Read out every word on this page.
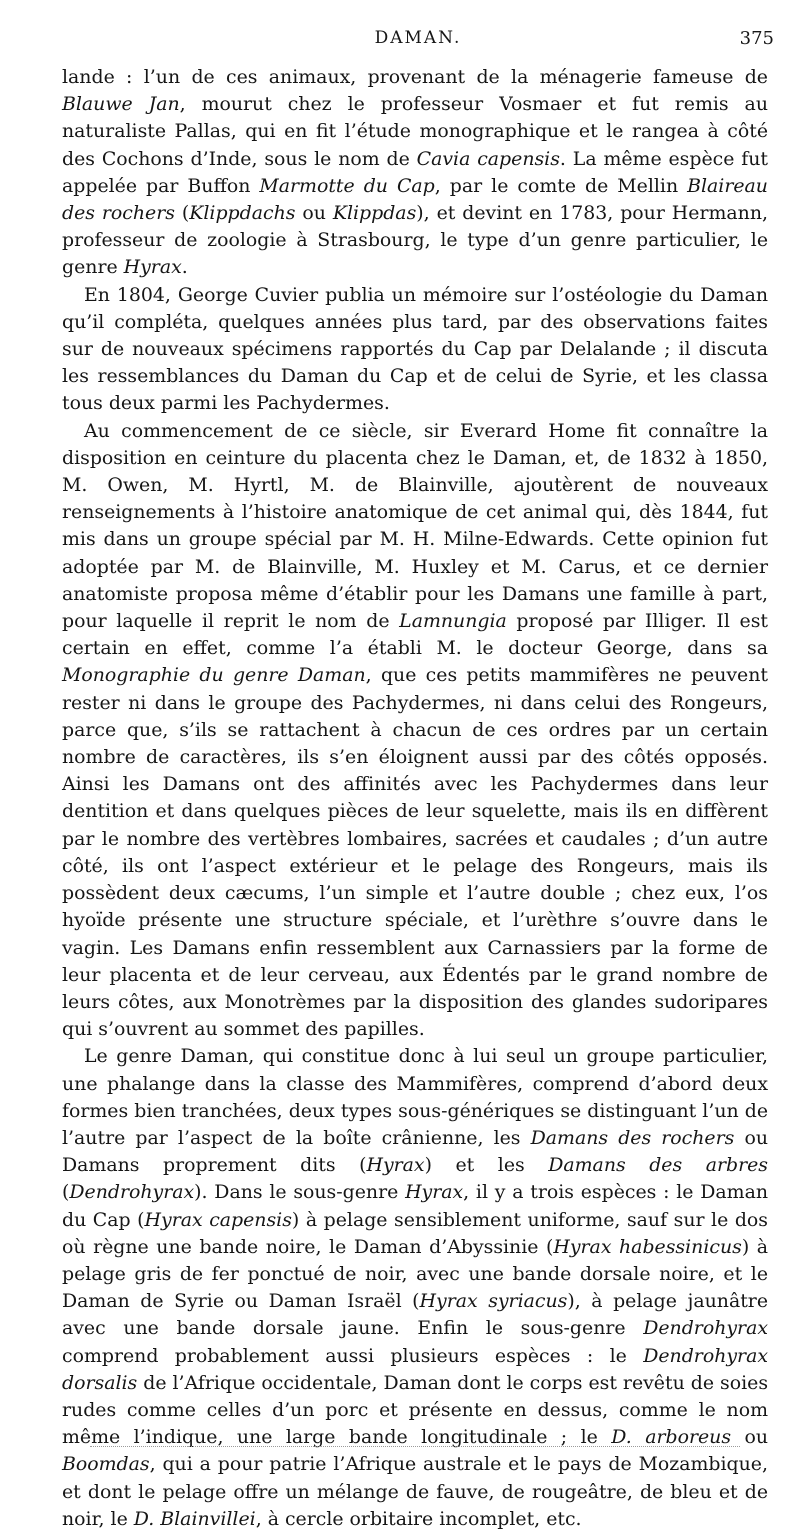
DAMAN.	375

lande : l’un de ces animaux, provenant de la ménagerie fameuse de Blauwe Jan, mourut chez le professeur Vosmaer et fut remis au naturaliste Pallas, qui en fit l’étude monographique et le rangea à côté des Cochons d’Inde, sous le nom de Cavia capensis. La même espèce fut appelée par Buffon Marmotte du Cap, par le comte de Mellin Blaireau des rochers (Klippdachs ou Klippdas), et devint en 1783, pour Hermann, professeur de zoologie à Strasbourg, le type d’un genre particulier, le genre Hyrax.

En 1804, George Cuvier publia un mémoire sur l’ostéologie du Daman qu’il compléta, quelques années plus tard, par des observations faites sur de nouveaux spécimens rapportés du Cap par Delalande ; il discuta les ressemblances du Daman du Cap et de celui de Syrie, et les classa tous deux parmi les Pachydermes.

Au commencement de ce siècle, sir Everard Home fit connaître la disposition en ceinture du placenta chez le Daman, et, de 1832 à 1850, M. Owen, M. Hyrtl, M. de Blainville, ajoutèrent de nouveaux renseignements à l’histoire anatomique de cet animal qui, dès 1844, fut mis dans un groupe spécial par M. H. Milne-Edwards. Cette opinion fut adoptée par M. de Blainville, M. Huxley et M. Carus, et ce dernier anatomiste proposa même d’établir pour les Damans une famille à part, pour laquelle il reprit le nom de Lamnungia proposé par Illiger. Il est certain en effet, comme l’a établi M. le docteur George, dans sa Monographie du genre Daman, que ces petits mammifères ne peuvent rester ni dans le groupe des Pachydermes, ni dans celui des Rongeurs, parce que, s’ils se rattachent à chacun de ces ordres par un certain nombre de caractères, ils s’en éloignent aussi par des côtés opposés. Ainsi les Damans ont des affinités avec les Pachydermes dans leur dentition et dans quelques pièces de leur squelette, mais ils en diffèrent par le nombre des vertèbres lombaires, sacrées et caudales ; d’un autre côté, ils ont l’aspect extérieur et le pelage des Rongeurs, mais ils possèdent deux cæcums, l’un simple et l’autre double ; chez eux, l’os hyoïde présente une structure spéciale, et l’urèthre s’ouvre dans le vagin. Les Damans enfin ressemblent aux Carnassiers par la forme de leur placenta et de leur cerveau, aux Édentés par le grand nombre de leurs côtes, aux Monotrèmes par la disposition des glandes sudoripares qui s’ouvrent au sommet des papilles.

Le genre Daman, qui constitue donc à lui seul un groupe particulier, une phalange dans la classe des Mammifères, comprend d’abord deux formes bien tranchées, deux types sous-génériques se distinguant l’un de l’autre par l’aspect de la boîte crânienne, les Damans des rochers ou Damans proprement dits (Hyrax) et les Damans des arbres (Dendrohyrax). Dans le sous-genre Hyrax, il y a trois espèces : le Daman du Cap (Hyrax capensis) à pelage sensiblement uniforme, sauf sur le dos où règne une bande noire, le Daman d’Abyssinie (Hyrax habessinicus) à pelage gris de fer ponctué de noir, avec une bande dorsale noire, et le Daman de Syrie ou Daman Israël (Hyrax syriacus), à pelage jaunâtre avec une bande dorsale jaune. Enfin le sous-genre Dendrohyrax comprend probablement aussi plusieurs espèces : le Dendrohyrax dorsalis de l’Afrique occidentale, Daman dont le corps est revêtu de soies rudes comme celles d’un porc et présente en dessus, comme le nom même l’indique, une large bande longitudinale ; le D. arboreus ou Boomdas, qui a pour patrie l’Afrique australe et le pays de Mozambique, et dont le pelage offre un mélange de fauve, de rougeâtre, de bleu et de noir, le D. Blainvillei, à cercle orbitaire incomplet, etc.
